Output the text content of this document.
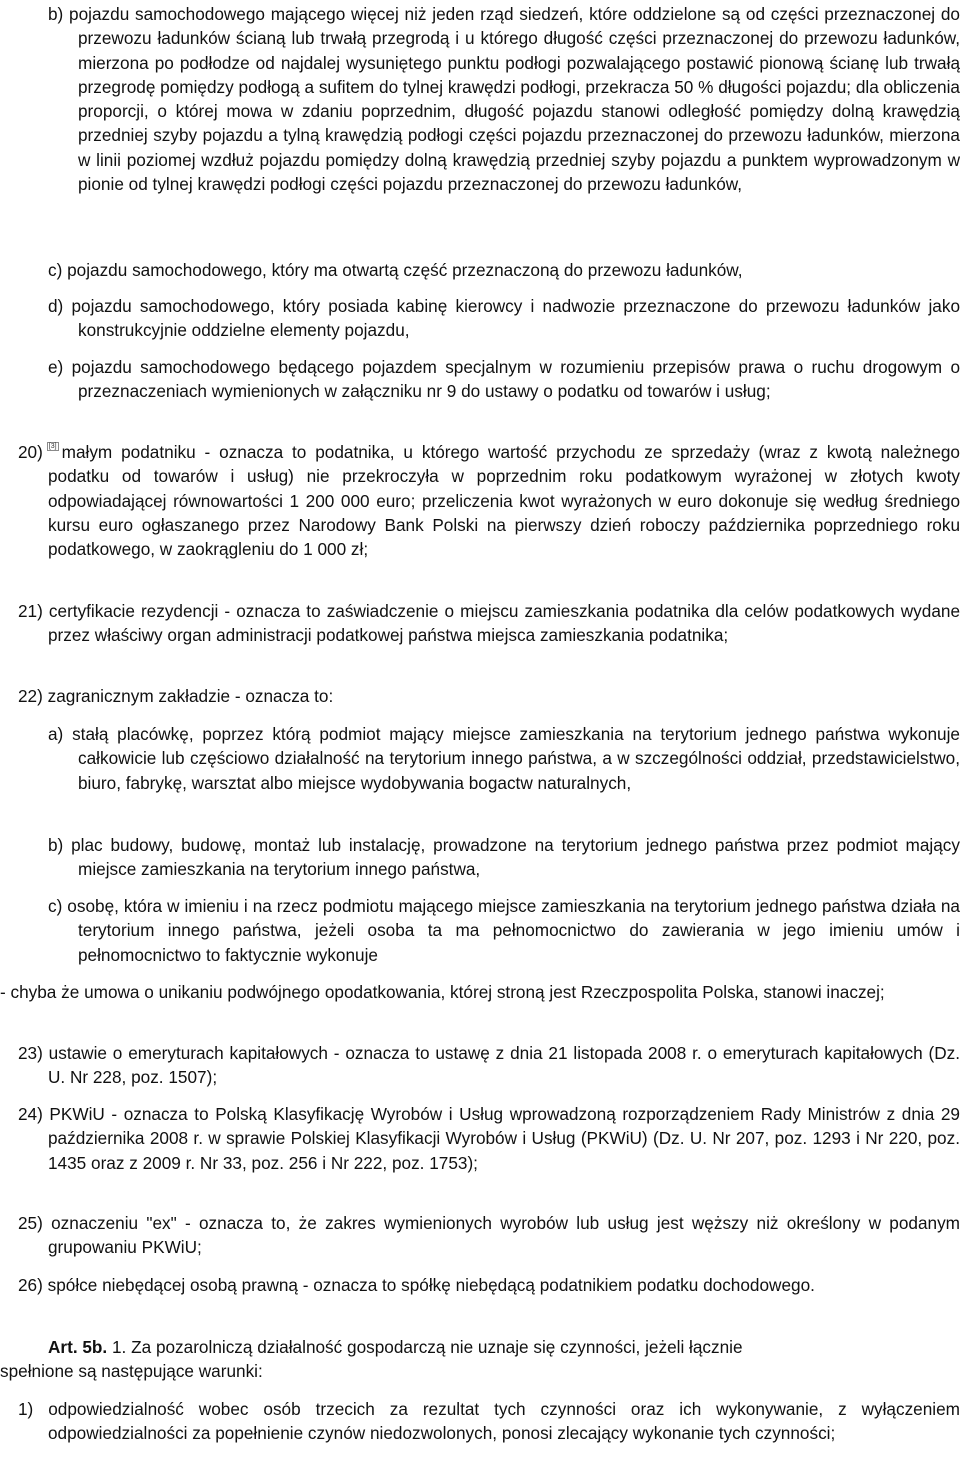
b) pojazdu samochodowego mającego więcej niż jeden rząd siedzeń, które oddzielone są od części przeznaczonej do przewozu ładunków ścianą lub trwałą przegrodą i u którego długość części przeznaczonej do przewozu ładunków, mierzona po podłodze od najdalej wysuniętego punktu podłogi pozwalającego postawić pionową ścianę lub trwałą przegrodę pomiędzy podłogą a sufitem do tylnej krawędzi podłogi, przekracza 50 % długości pojazdu; dla obliczenia proporcji, o której mowa w zdaniu poprzednim, długość pojazdu stanowi odległość pomiędzy dolną krawędzią przedniej szyby pojazdu a tylną krawędzią podłogi części pojazdu przeznaczonej do przewozu ładunków, mierzona w linii poziomej wzdłuż pojazdu pomiędzy dolną krawędzią przedniej szyby pojazdu a punktem wyprowadzonym w pionie od tylnej krawędzi podłogi części pojazdu przeznaczonej do przewozu ładunków,

c) pojazdu samochodowego, który ma otwartą część przeznaczoną do przewozu ładunków,

d) pojazdu samochodowego, który posiada kabinę kierowcy i nadwozie przeznaczone do przewozu ładunków jako konstrukcyjnie oddzielne elementy pojazdu,

e) pojazdu samochodowego będącego pojazdem specjalnym w rozumieniu przepisów prawa o ruchu drogowym o przeznaczeniach wymienionych w załączniku nr 9 do ustawy o podatku od towarów i usług;

20) [3] małym podatniku - oznacza to podatnika, u którego wartość przychodu ze sprzedaży (wraz z kwotą należnego podatku od towarów i usług) nie przekroczyła w poprzednim roku podatkowym wyrażonej w złotych kwoty odpowiadającej równowartości 1 200 000 euro; przeliczenia kwot wyrażonych w euro dokonuje się według średniego kursu euro ogłaszanego przez Narodowy Bank Polski na pierwszy dzień roboczy października poprzedniego roku podatkowego, w zaokrągleniu do 1 000 zł;

21) certyfikacie rezydencji - oznacza to zaświadczenie o miejscu zamieszkania podatnika dla celów podatkowych wydane przez właściwy organ administracji podatkowej państwa miejsca zamieszkania podatnika;

22) zagranicznym zakładzie - oznacza to:

a) stałą placówkę, poprzez którą podmiot mający miejsce zamieszkania na terytorium jednego państwa wykonuje całkowicie lub częściowo działalność na terytorium innego państwa, a w szczególności oddział, przedstawicielstwo, biuro, fabrykę, warsztat albo miejsce wydobywania bogactw naturalnych,

b) plac budowy, budowę, montaż lub instalację, prowadzone na terytorium jednego państwa przez podmiot mający miejsce zamieszkania na terytorium innego państwa,

c) osobę, która w imieniu i na rzecz podmiotu mającego miejsce zamieszkania na terytorium jednego państwa działa na terytorium innego państwa, jeżeli osoba ta ma pełnomocnictwo do zawierania w jego imieniu umów i pełnomocnictwo to faktycznie wykonuje

- chyba że umowa o unikaniu podwójnego opodatkowania, której stroną jest Rzeczpospolita Polska, stanowi inaczej;

23) ustawie o emeryturach kapitałowych - oznacza to ustawę z dnia 21 listopada 2008 r. o emeryturach kapitałowych (Dz. U. Nr 228, poz. 1507);

24) PKWiU - oznacza to Polską Klasyfikację Wyrobów i Usług wprowadzoną rozporządzeniem Rady Ministrów z dnia 29 października 2008 r. w sprawie Polskiej Klasyfikacji Wyrobów i Usług (PKWiU) (Dz. U. Nr 207, poz. 1293 i Nr 220, poz. 1435 oraz z 2009 r. Nr 33, poz. 256 i Nr 222, poz. 1753);

25) oznaczeniu "ex" - oznacza to, że zakres wymienionych wyrobów lub usług jest węższy niż określony w podanym grupowaniu PKWiU;

26) spółce niebędącej osobą prawną - oznacza to spółkę niebędącą podatnikiem podatku dochodowego.

Art. 5b. 1. Za pozarolniczą działalność gospodarczą nie uznaje się czynności, jeżeli łącznie

spełnione są następujące warunki:

1) odpowiedzialność wobec osób trzecich za rezultat tych czynności oraz ich wykonywanie, z wyłączeniem odpowiedzialności za popełnienie czynów niedozwolonych, ponosi zlecający wykonanie tych czynności;
